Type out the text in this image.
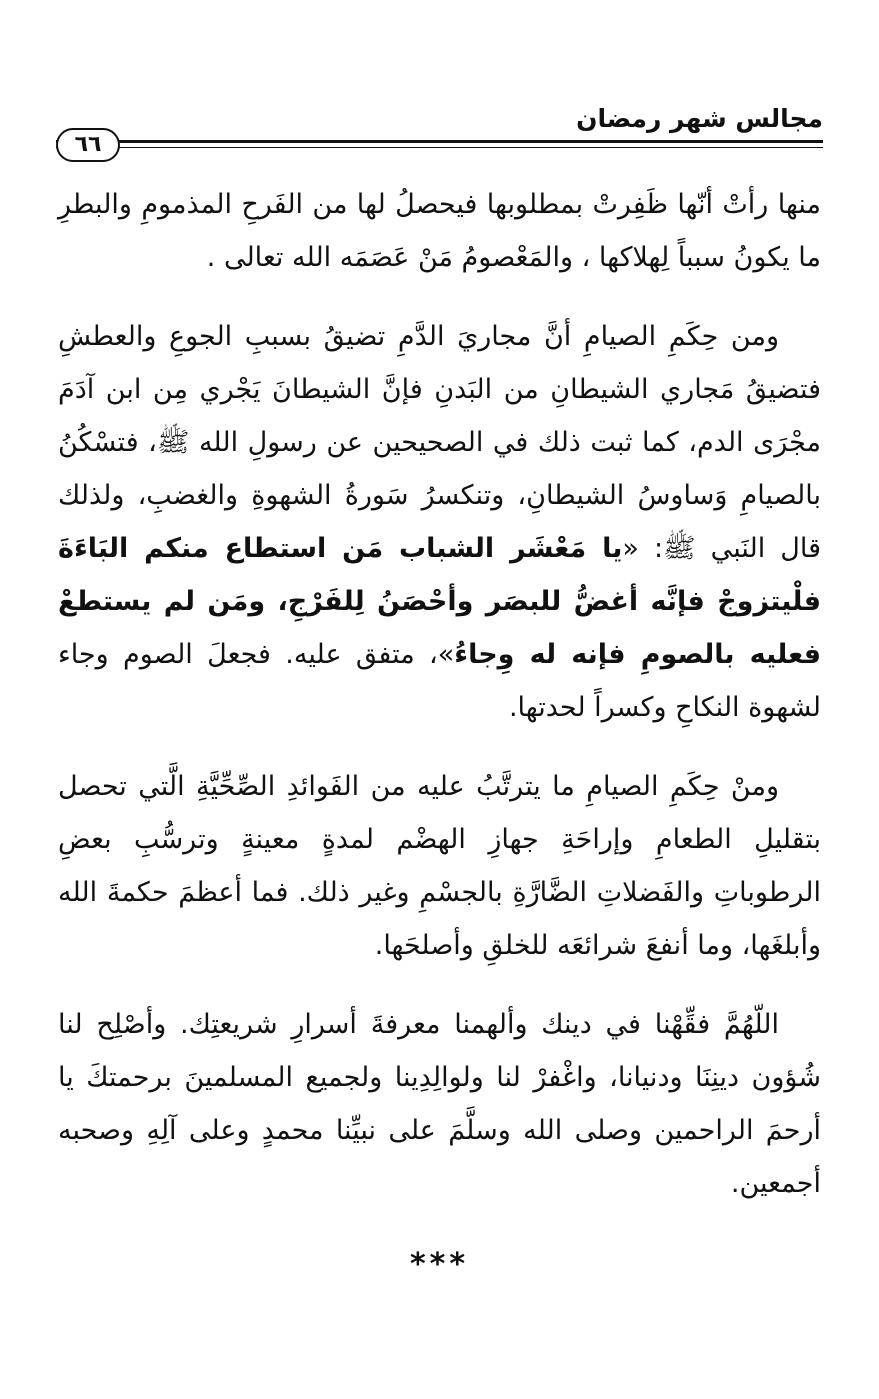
مجالس شهر رمضان
٦٦

منها رأتْ أنّها ظَفِرتْ بمطلوبها فيحصلُ لها من الفَرحِ المذمومِ والبطرِ ما يكونُ سبباً لِهلاكها ، والمَعْصومُ مَنْ عَصَمَه الله تعالى .

ومن حِكَمِ الصيامِ أنَّ مجاريَ الدَّمِ تضيقُ بسببِ الجوعِ والعطشِ فتضيقُ مَجاري الشيطانِ من البَدنِ فإنَّ الشيطانَ يَجْري مِن ابن آدَمَ مجْرَى الدم، كما ثبت ذلك في الصحيحين عن رسولِ الله ﷺ، فتسْكُنُ بالصيامِ وَساوسُ الشيطانِ، وتنكسرُ سَورةُ الشهوةِ والغضبِ، ولذلك قال النَبي ﷺ: «يا مَعْشَر الشباب مَن استطاع منكم البَاءَةَ فلْيتزوجْ فإنَّه أغضُّ للبصَر وأحْصَنُ لِلفَرْجِ، ومَن لم يستطعْ فعليه بالصومِ فإنه له وِجاءُ»، متفق عليه. فجعلَ الصوم وجاء لشهوة النكاحِ وكسراً لحدتها.

ومنْ حِكَمِ الصيامِ ما يترتَّبُ عليه من الفَوائدِ الصِّحِّيَّةِ الَّتي تحصل بتقليلِ الطعامِ وإراحَةِ جهازِ الهضْم لمدةٍ معينةٍ وترسُّبِ بعضِ الرطوباتِ والفَضلاتِ الضَّارَّةِ بالجسْمِ وغير ذلك. فما أعظمَ حكمةَ الله وأبلغَها، وما أنفعَ شرائعَه للخلقِ وأصلحَها.

اللّهُمَّ فقِّهْنا في دينك وألهمنا معرفةَ أسرارِ شريعتِك. وأصْلِح لنا شُؤون دينِنَا ودنيانا، واغْفرْ لنا ولوالِدِينا ولجميع المسلمينَ برحمتكَ يا أرحمَ الراحمين وصلى الله وسلَّمَ على نبيِّنا محمدٍ وعلى آلِهِ وصحبه أجمعين.

***
